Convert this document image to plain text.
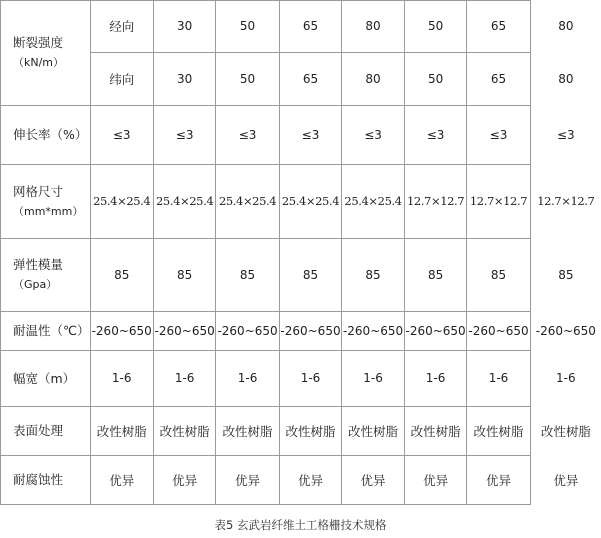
断裂强度
（kN/m）	经向	30	50	65	80	50	65	80
	纬向	30	50	65	80	50	65	80
伸长率（%）	≤3	≤3	≤3	≤3	≤3	≤3	≤3	≤3

网格尺寸
（mm*mm）	25.4×25.4	25.4×25.4	25.4×25.4	25.4×25.4	25.4×25.4	12.7×12.7	12.7×12.7	12.7×12.7

弹性模量
（Gpa）	85	85	85	85	85	85	85	85
耐温性（℃）	-260~650	-260~650	-260~650	-260~650	-260~650	-260~650	-260~650	-260~650
幅宽（m）	1-6	1-6	1-6	1-6	1-6	1-6	1-6	1-6
表面处理	改性树脂	改性树脂	改性树脂	改性树脂	改性树脂	改性树脂	改性树脂	改性树脂
耐腐蚀性	优异	优异	优异	优异	优异	优异	优异	优异
表5 玄武岩纤维土工格栅技术规格
